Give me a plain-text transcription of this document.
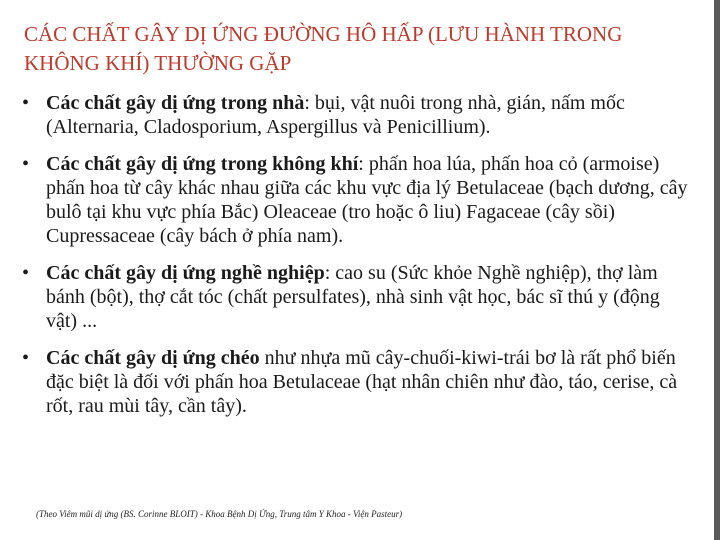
CÁC CHẤT GÂY DỊ ỨNG ĐƯỜNG HÔ HẤP (LƯU HÀNH TRONG KHÔNG KHÍ) THƯỜNG GẶP
• Các chất gây dị ứng trong nhà: bụi, vật nuôi trong nhà, gián, nấm mốc (Alternaria, Cladosporium, Aspergillus và Penicillium).
• Các chất gây dị ứng trong không khí: phấn hoa lúa, phấn hoa cỏ (armoise) phấn hoa từ cây khác nhau giữa các khu vực địa lý Betulaceae (bạch dương, cây bulô tại khu vực phía Bắc) Oleaceae (tro hoặc ô liu) Fagaceae (cây sồi) Cupressaceae (cây bách ở phía nam).
• Các chất gây dị ứng nghề nghiệp: cao su (Sức khỏe Nghề nghiệp), thợ làm bánh (bột), thợ cắt tóc (chất persulfates), nhà sinh vật học, bác sĩ thú y (động vật) ...
• Các chất gây dị ứng chéo như nhựa mũ cây-chuối-kiwi-trái bơ là rất phổ biến đặc biệt là đối với phấn hoa Betulaceae (hạt nhân chiên như đào, táo, cerise, cà rốt, rau mùi tây, cần tây).
(Theo Viêm mũi dị ứng (BS. Corinne BLOIT) - Khoa Bệnh Dị Ứng, Trung tâm Y Khoa - Viện Pasteur)
